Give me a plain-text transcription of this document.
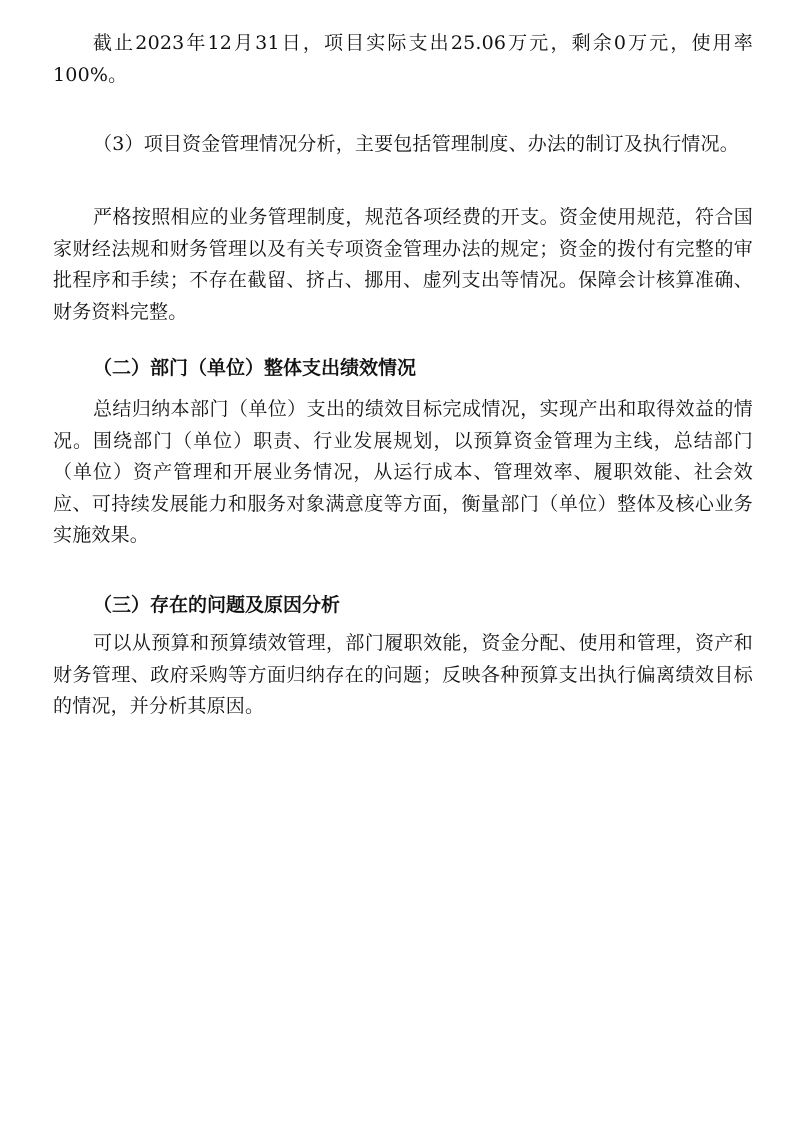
截止2023年12月31日，项目实际支出25.06万元，剩余0万元，使用率100%。

（3）项目资金管理情况分析，主要包括管理制度、办法的制订及执行情况。

严格按照相应的业务管理制度，规范各项经费的开支。资金使用规范，符合国家财经法规和财务管理以及有关专项资金管理办法的规定；资金的拨付有完整的审批程序和手续；不存在截留、挤占、挪用、虚列支出等情况。保障会计核算准确、财务资料完整。

（二）部门（单位）整体支出绩效情况

总结归纳本部门（单位）支出的绩效目标完成情况，实现产出和取得效益的情况。围绕部门（单位）职责、行业发展规划，以预算资金管理为主线，总结部门（单位）资产管理和开展业务情况，从运行成本、管理效率、履职效能、社会效应、可持续发展能力和服务对象满意度等方面，衡量部门（单位）整体及核心业务实施效果。

（三）存在的问题及原因分析

可以从预算和预算绩效管理，部门履职效能，资金分配、使用和管理，资产和财务管理、政府采购等方面归纳存在的问题；反映各种预算支出执行偏离绩效目标的情况，并分析其原因。
